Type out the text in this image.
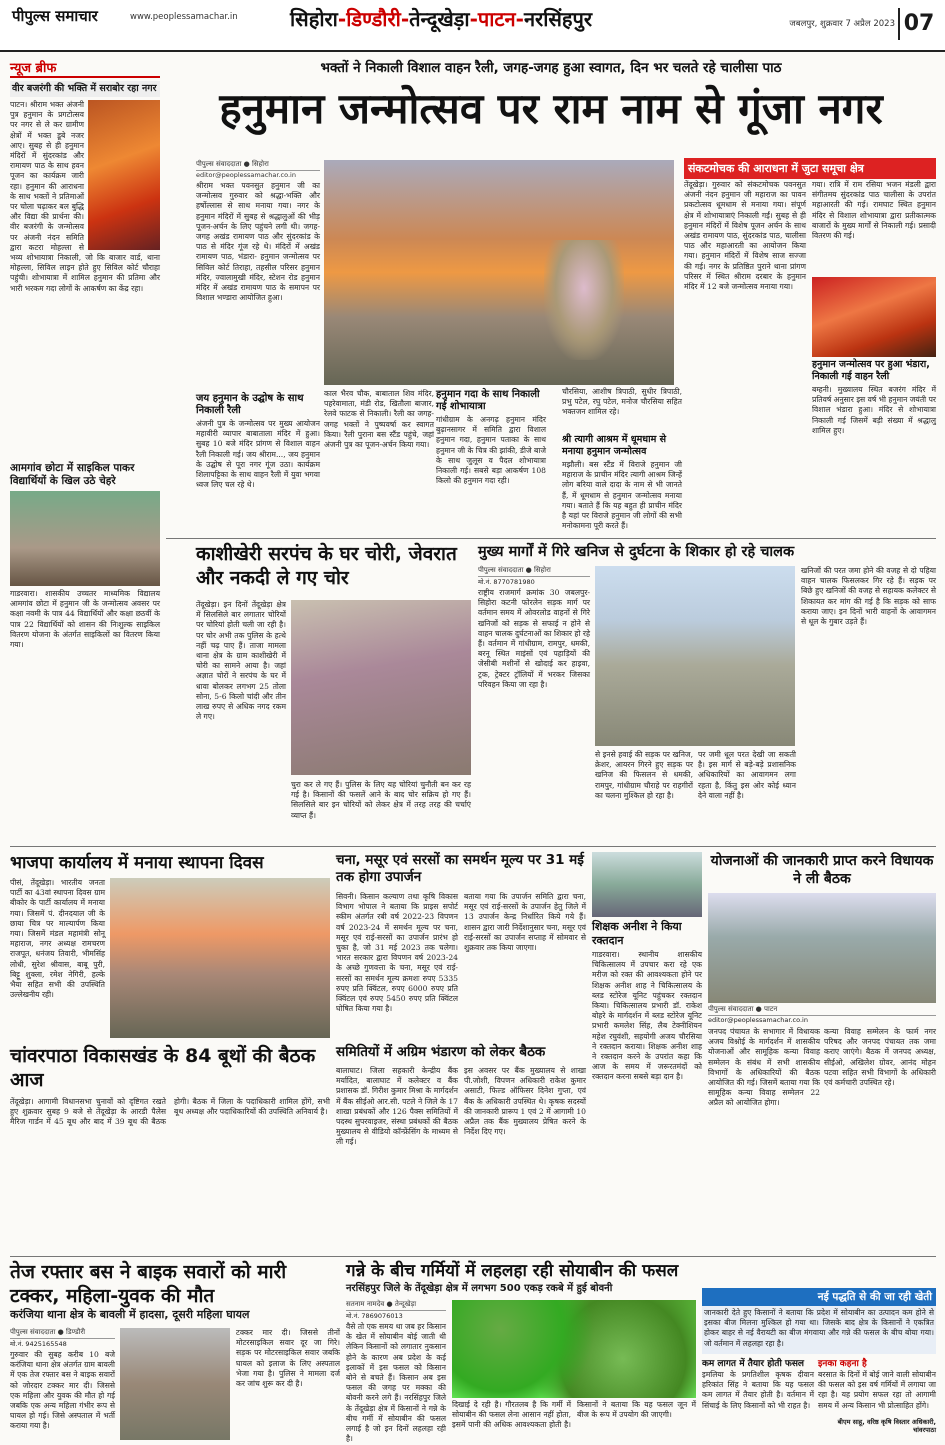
पीपुल्स समाचार	www.peoplessamachar.in	सिहोरा-डिण्डौरी-तेन्दूखेड़ा-पाटन-नरसिंहपुर	जबलपुर, शुक्रवार 7 अप्रैल 2023 07
न्यूज ब्रीफ
वीर बजरंगी की भक्ति में सराबोर रहा नगर
पाटन। श्रीराम भक्त अंजनी पुत्र हनुमान के प्रगटोत्सव पर नगर से ले कर ग्रामीण क्षेत्रों में भक्त डूबे नजर आए। सुबह से ही हनुमान मंदिरों में सुंदरकांड और रामायण पाठ के साथ हवन पूजन का कार्यक्रम जारी रहा। हनुमान की आराधना के साथ भक्तों ने प्रतिमाओं पर चोला चढ़ाकर बल बुद्धि और विद्या की प्रार्थना की। वीर बजरंगी के जन्मोत्सव पर अंजनी नंदन समिति द्वारा कटरा मोहल्ला से भव्य शोभायात्रा निकाली, जो कि बाजार वार्ड, थाना मोहल्ला, सिविल लाइन होते हुए सिविल कोर्ट चौराहा पहुंची। शोभायात्रा में शामिल हनुमान की प्रतिमा और भारी भरकम गदा लोगों के आकर्षण का केंद्र रहा।
आमगांव छोटा में साइकिल पाकर विद्यार्थियों के खिल उठे चेहरे
गाडरवारा। शासकीय उच्चतर माध्यमिक विद्यालय आमगांव छोटा में हनुमान जी के जन्मोत्सव अवसर पर कक्षा नवमी के पात्र 44 विद्यार्थियों और कक्षा छठवीं के पात्र 22 विद्यार्थियों को शासन की निःशुल्क साइकिल वितरण योजना के अंतर्गत साइकिलों का वितरण किया गया।
भक्तों ने निकाली विशाल वाहन रैली, जगह-जगह हुआ स्वागत, दिन भर चलते रहे चालीसा पाठ
हनुमान जन्मोत्सव पर राम नाम से गूंजा नगर
पीपुल्स संवाददाता ● सिहोरा
editor@peoplessamachar.co.in
श्रीराम भक्त पवनसुत हनुमान जी का जन्मोत्सव गुरुवार को श्रद्धा-भक्ति और हर्षोल्लास से साथ मनाया गया। नगर के हनुमान मंदिरों में सुबह से श्रद्धालुओं की भीड़ पूजन-अर्चन के लिए पहुंचने लगी थी। जगह-जगह अखंड रामायण पाठ और सुंदरकांड के पाठ से मंदिर गूंज रहे थे। मंदिरों में अखंड रामायण पाठ, भंडारा- हनुमान जन्मोत्सव पर सिविल कोर्ट तिराहा, तहसील परिसर हनुमान मंदिर, ज्वालामुखी मंदिर, स्टेशन रोड हनुमान मंदिर में अखंड रामायण पाठ के समापन पर विशाल भण्डारा आयोजित हुआ।
जय हनुमान के उद्घोष के साथ निकाली रैली
अंजनी पुत्र के जन्मोत्सव पर मुख्य आयोजन महावीरी व्यापार बाबाताला मंदिर में हुआ। सुबह 10 बजे मंदिर प्रांगण से विशाल वाहन रैली निकाली गई। जय श्रीराम..., जय हनुमान के उद्घोष से पूरा नगर गूंज उठा। कार्यक्रम शिलापट्टिका के साथ वाहन रैली में युवा भगवा ध्वज लिए चल रहे थे।
काल भैरव चौक, बाबाताल शिव मंदिर, पहरेवामाता, मंडी रोड, खितौला बाजार, रेलवे फाटक से निकाली। रैली का जगह-जगह भक्तों ने पुष्पवर्षा कर स्वागत किया। रैली पुराना बस स्टैंड पहुंचे, जहां अंजनी पुत्र का पूजन-अर्चन किया गया।
हनुमान गदा के साथ निकाली गई शोभायात्रा
गांधीग्राम के अनगढ़ हनुमान मंदिर बुढ़ानसागर में समिति द्वारा विशाल हनुमान गदा, हनुमान पताका के साथ हनुमान जी के चित्र की झांकी, डीजे बाजे के साथ जुलूस व पैदल शोभायात्रा निकाली गई। सबसे बड़ा आकर्षण 108 किलो की हनुमान गदा रही।
चौरसिया, आशीष त्रिपाठी, सुधीर त्रिपाठी, प्रभु पटेल, रघु पटेल, मनोज चौरसिया सहित भक्तजन शामिल रहे।
श्री त्यागी आश्रम में धूमधाम से मनाया हनुमान जन्मोत्सव
मझौली। बस स्टैंड में विराजे हनुमान जी महाराज के प्राचीन मंदिर त्यागी आश्रम जिन्हें लोग बरिया वाले दादा के नाम से भी जानते हैं, में धूमधाम से हनुमान जन्मोत्सव मनाया गया। बताते हैं कि यह बहुत ही प्राचीन मंदिर है यहां पर विराजे हनुमान जी लोगों की सभी मनोकामना पूरी करते हैं।
संकटमोचक की आराधना में जुटा समूचा क्षेत्र
तेंदूखेड़ा। गुरुवार को संकटमोचक पवनसुत अंजनी नंदन हनुमान जी महाराज का पावन प्रकटोत्सव धूमधाम से मनाया गया। संपूर्ण क्षेत्र में शोभायात्राएं निकाली गईं। सुबह से ही हनुमान मंदिरों में विशेष पूजन अर्चन के साथ अखंड रामायण पाठ, सुंदरकांड पाठ, चालीसा पाठ और महाआरती का आयोजन किया गया। हनुमान मंदिरों में विशेष साज सज्जा की गई। नगर के प्रतिष्ठित पुराने थाना प्रांगण परिसर में स्थित श्रीराम दरबार के हनुमान मंदिर में 12 बजे जन्मोत्सव मनाया गया।
गया। रात्रि में राम रसिया भजन मंडली द्वारा संगीतमय सुंदरकांड पाठ चालीसा के उपरांत महाआरती की गई। रामघाट स्थित हनुमान मंदिर से विशाल शोभायात्रा द्वारा प्रतीकात्मक बाजारों के मुख्य मार्गों से निकाली गई। प्रसादी वितरण की गई।
हनुमान जन्मोत्सव पर हुआ भंडारा, निकाली गई वाहन रैली
बम्हनी। मुख्यालय स्थित बजरंग मंदिर में प्रतिवर्ष अनुसार इस वर्ष भी हनुमान जयंती पर विशाल भंडारा हुआ। मंदिर से शोभायात्रा निकाली गई जिसमें बड़ी संख्या में श्रद्धालु शामिल हुए।
काशीखेरी सरपंच के घर चोरी, जेवरात और नकदी ले गए चोर
तेंदूखेड़ा। इन दिनों तेंदूखेड़ा क्षेत्र में सिलसिले बार लगातार चोरियों पर चोरियां होती चली जा रही है। पर चोर अभी तक पुलिस के हत्थे नहीं चढ़ पाए हैं। ताजा मामला थाना क्षेत्र के ग्राम काशीखेरी में चोरी का सामने आया है। जहां अज्ञात चोरों ने सरपंच के घर में धावा बोलकर लगभग 25 तोला सोना, 5-6 किलो चांदी और तीन लाख रुपए से अधिक नगद रकम ले गए।
चुरा कर ले गए हैं। पुलिस के लिए यह चोरियां चुनौती बन कर रह गई है। किसानों की फसलें आने के बाद चोर सक्रिय हो गए हैं। सिलसिले बार इन चोरियों को लेकर क्षेत्र में तरह तरह की चर्चाएं व्याप्त हैं।
मुख्य मार्गों में गिरे खनिज से दुर्घटना के शिकार हो रहे चालक
पीपुल्स संवाददाता ● सिहोरा
मो.नं. 8770781980
राष्ट्रीय राजमार्ग क्रमांक 30 जबलपुर-सिहोरा कटनी फोरलेन सड़क मार्ग पर वर्तमान समय में ओवरलोड वाहनों से गिरे खनिजों को सड़क से सफाई न होने से वाहन चालक दुर्घटनाओं का शिकार हो रहे हैं। वर्तमान में गांधीग्राम, रामपुर, धमकी, बरनू स्थित माइंसों एवं पहाड़ियों की जेसीबी मशीनों से खोदाई कर हाइवा, ट्रक, ट्रेक्टर ट्रॉलियों में भरकर जिसका परिवहन किया जा रहा है।
से इनसे हवाई की सड़क पर खनिज, क्रेशर, आयरन गिरने हुए सड़क पर खनिज की फिसलन से धमकी, रामपुर, गांधीग्राम चौराहे पर राहगीरों का चलना मुश्किल हो रहा है।
पर जमी धूल परत देखी जा सकती है। इस मार्ग से बड़े-बड़े प्रशासनिक अधिकारियों का आवागमन लगा रहता है, किंतु इस ओर कोई ध्यान देने वाला नहीं है।
खनिजों की परत जमा होने की वजह से दो पहिया वाहन चालक फिसलकर गिर रहे हैं। सड़क पर बिछे हुए खनिजों की वजह से सहायक कलेक्टर से शिकायत कर मांग की गई है कि सड़क को साफ कराया जाए। इन दिनों भारी वाहनों के आवागमन से धूल के गुबार उड़ते हैं।
भाजपा कार्यालय में मनाया स्थापना दिवस
पीसं, तेंदूखेड़ा। भारतीय जनता पार्टी का 43वां स्थापना दिवस ग्राम बीकोर के पार्टी कार्यालय में मनाया गया। जिसमें पं. दीनदयाल जी के छाया चित्र पर माल्यार्पण किया गया। जिसमें मंडल महामंत्री सोनू महाराज, नगर अध्यक्ष रामचरण राजपूत, धनंजय तिवारी, भीमसिंह लोधी, सुरेश श्रीवास, बाबू पुरी, बिट्टू शुक्ला, रमेश नेगिरी, हल्के भैया सहित सभी की उपस्थिति उल्लेखनीय रही।
चना, मसूर एवं सरसों का समर्थन मूल्य पर 31 मई तक होगा उपार्जन
सिवनी। किसान कल्याण तथा कृषि विकास विभाग भोपाल ने बताया कि प्राइस सपोर्ट स्कीम अंतर्गत रबी वर्ष 2022-23 विपणन वर्ष 2023-24 में समर्थन मूल्य पर चना, मसूर एवं राई-सरसों का उपार्जन प्रारंभ हो चुका है, जो 31 मई 2023 तक चलेगा। भारत सरकार द्वारा विपणन वर्ष 2023-24 के अच्छे गुणवत्ता के चना, मसूर एवं राई-सरसों का समर्थन मूल्य क्रमशः रुपए 5335 रुपए प्रति क्विंटल, रुपए 6000 रुपए प्रति क्विंटल एवं रुपए 5450 रुपए प्रति क्विंटल घोषित किया गया है।
बताया गया कि उपार्जन समिति द्वारा चना, मसूर एवं राई-सरसों के उपार्जन हेतु जिले में 13 उपार्जन केन्द्र निर्धारित किये गये हैं। शासन द्वारा जारी निर्देशानुसार चना, मसूर एवं राई-सरसों का उपार्जन सप्ताह में सोमवार से शुक्रवार तक किया जाएगा।
शिक्षक अनीश ने किया रक्तदान
गाडरवारा। स्थानीय शासकीय चिकित्सालय में उपचार करा रहे एक मरीज को रक्त की आवश्यकता होने पर शिक्षक अनीश शाह ने चिकित्सालय के ब्लड स्टोरेज यूनिट पहुंचकर रक्तदान किया। चिकित्सालय प्रभारी डॉ. राकेश बोहरे के मार्गदर्शन में ब्लड स्टोरेज यूनिट प्रभारी कमलेश सिंह, लैब टेक्नीशियन महेश रघुवंशी, सहयोगी अजय चौरसिया ने रक्तदान कराया। शिक्षक अनीश शाह ने रक्तदान करने के उपरांत कहा कि आज के समय में जरूरतमंदों को रक्तदान करना सबसे बड़ा दान है।
योजनाओं की जानकारी प्राप्त करने विधायक ने ली बैठक
पीपुल्स संवाददाता ● पाटन
editor@peoplessamachar.co.in
जनपद पंचायत के सभागार में विधायक अजय विश्नोई के मार्गदर्शन में शासकीय योजनाओं और सामूहिक कन्या विवाह सम्मेलन के संबंध में सभी शासकीय विभागों के अधिकारियों की बैठक आयोजित की गई। जिसमें बताया गया कि सामूहिक कन्या विवाह सम्मेलन 22 अप्रैल को आयोजित होगा।
कन्या विवाह सम्मेलन के फार्म नगर परिषद और जनपद पंचायत तक जमा कराए जाएंगे। बैठक में जनपद अध्यक्ष, सीईओ, अखिलेश ग्रोवर, आनंद मोहन पटवा सहित सभी विभागों के अधिकारी एवं कर्मचारी उपस्थित रहे।
चांवरपाठा विकासखंड के 84 बूथों की बैठक आज
तेंदूखेड़ा। आगामी विधानसभा चुनावों को दृष्टिगत रखते हुए शुक्रवार सुबह 9 बजे से तेंदूखेड़ा के आरडी पैलेस मैरिज गार्डन में 45 बूथ और बाद में 39 बूथ की बैठक होगी। बैठक में जिला के पदाधिकारी शामिल होंगे, सभी बूथ अध्यक्ष और पदाधिकारियों की उपस्थिति अनिवार्य है।
समितियों में अग्रिम भंडारण को लेकर बैठक
बालाघाट। जिला सहकारी केन्द्रीय बैंक मर्यादित, बालाघाट में कलेक्टर व बैंक प्रशासक डॉ. गिरीश कुमार मिश्रा के मार्गदर्शन में बैंक सीईओ आर.सी. पटले ने जिले के 17 शाखा प्रबंधकों और 126 पैक्स समितियों में पदस्थ सुपरवाइजर, संस्था प्रबंधकों की बैठक मुख्यालय से वीडियो कॉन्फ्रेंसिंग के माध्यम से ली गई।
इस अवसर पर बैंक मुख्यालय से शाखा पी.जोशी, विपणन अधिकारी राकेश कुमार असाटी, फिल्ड ऑफिसर दिनेश गुप्ता, एवं बैंक के अधिकारी उपस्थित थे। कृषक सदस्यों की जानकारी प्रारूप 1 एवं 2 में आगामी 10 अप्रैल तक बैंक मुख्यालय प्रेषित करने के निर्देश दिए गए।
तेज रफ्तार बस ने बाइक सवारों को मारी टक्कर, महिला-युवक की मौत
करंजिया थाना क्षेत्र के बावली में हादसा, दूसरी महिला घायल
पीपुल्स संवाददाता ● डिण्डौरी
मो.नं. 9425165548
गुरुवार की सुबह करीब 10 बजे करंजिया थाना क्षेत्र अंतर्गत ग्राम बावली में एक तेज रफ्तार बस ने बाइक सवारों को जोरदार टक्कर मार दी। जिससे एक महिला और युवक की मौत हो गई जबकि एक अन्य महिला गंभीर रूप से घायल हो गई। जिसे अस्पताल में भर्ती कराया गया है।
टक्कर मार दी। जिससे तीनों मोटरसाइकिल सवार दूर जा गिरे। सड़क पर मोटरसाइकिल सवार जबकि घायल को इलाज के लिए अस्पताल भेजा गया है। पुलिस ने मामला दर्ज कर जांच शुरू कर दी है।
गन्ने के बीच गर्मियों में लहलहा रही सोयाबीन की फसल
नरसिंहपुर जिले के तेंदूखेड़ा क्षेत्र में लगभग 500 एकड़ रकबे में हुई बोवनी
सतनाम नामदेव ● तेन्दूखेड़ा
मो.नं. 7869076013
वैसे तो एक समय था जब हर किसान के खेत में सोयाबीन बोई जाती थी लेकिन किसानों को लगातार नुकसान होने के कारण अब प्रदेश के कई इलाकों में इस फसल को किसान बोने से बचते हैं। किसान अब इस फसल की जगह पर मक्का की बोवनी करने लगे हैं। नरसिंहपुर जिले के तेंदूखेड़ा क्षेत्र में किसानों ने गन्ने के बीच गर्मी में सोयाबीन की फसल लगाई है जो इन दिनों लहलहा रही है।
दिखाई दे रही है। गौरतलब है कि गर्मी में सोयाबीन की फसल लेना आसान नहीं होता, इसमें पानी की अधिक आवश्यकता होती है। किसानों ने बताया कि यह फसल जून में बीज के रूप में उपयोग की जाएगी।
नई पद्धति से की जा रही खेती
जानकारी देते हुए किसानों ने बताया कि प्रदेश में सोयाबीन का उत्पादन कम होने से इसका बीज मिलना मुश्किल हो गया था। जिसके बाद क्षेत्र के किसानों ने एकत्रित होकर बाहर से नई वैरायटी का बीज मंगवाया और गन्ने की फसल के बीच बोया गया। जो वर्तमान में लहलहा रहा है।
कम लागत में तैयार होती फसल
इमलिया के प्रगतिशील कृषक दीवान हरिकांत सिंह ने बताया कि यह फसल कम लागत में तैयार होती है। वर्तमान में सिंचाई के लिए किसानों को भी राहत है।
इनका कहना है
बरसात के दिनों में बोई जाने वाली सोयाबीन की फसल को इस वर्ष गर्मियों में लगाया जा रहा है। यह प्रयोग सफल रहा तो आगामी समय में अन्य किसान भी प्रोत्साहित होंगे।
बीएम साहू, वरिष्ठ कृषि विस्तार अधिकारी, चांवरपाठा
